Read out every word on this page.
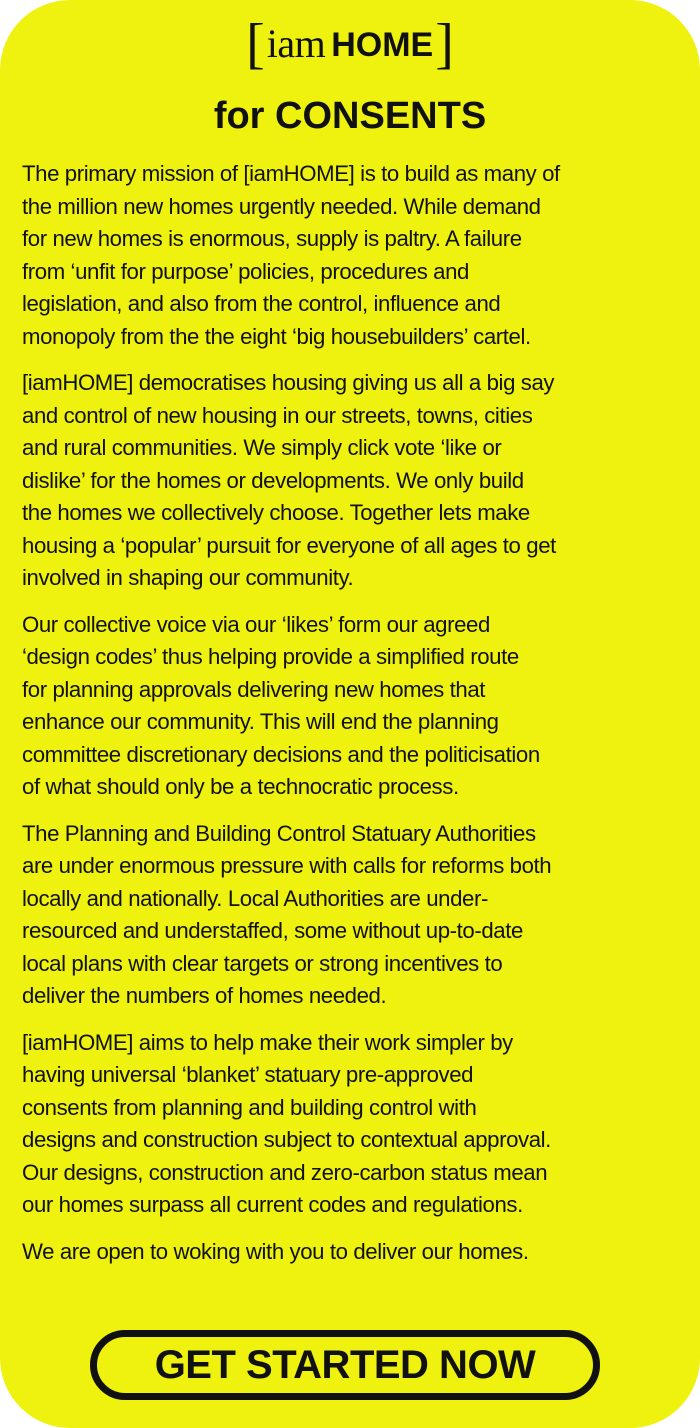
[iam HOME]
for CONSENTS

The primary mission of [iamHOME] is to build as many of
the million new homes urgently needed. While demand
for new homes is enormous, supply is paltry. A failure
from ‘unfit for purpose’ policies, procedures and
legislation, and also from the control, influence and
monopoly from the the eight ‘big housebuilders’ cartel.

[iamHOME] democratises housing giving us all a big say
and control of new housing in our streets, towns, cities
and rural communities. We simply click vote ‘like or
dislike’ for the homes or developments. We only build
the homes we collectively choose. Together lets make
housing a ‘popular’ pursuit for everyone of all ages to get
involved in shaping our community.

Our collective voice via our ‘likes’ form our agreed
‘design codes’ thus helping provide a simplified route
for planning approvals delivering new homes that
enhance our community. This will end the planning
committee discretionary decisions and the politicisation
of what should only be a technocratic process.

The Planning and Building Control Statuary Authorities
are under enormous pressure with calls for reforms both
locally and nationally. Local Authorities are under-
resourced and understaffed, some without up-to-date
local plans with clear targets or strong incentives to
deliver the numbers of homes needed.

[iamHOME] aims to help make their work simpler by
having universal ‘blanket’ statuary pre-approved
consents from planning and building control with
designs and construction subject to contextual approval.
Our designs, construction and zero-carbon status mean
our homes surpass all current codes and regulations.

We are open to woking with you to deliver our homes.

GET STARTED NOW
